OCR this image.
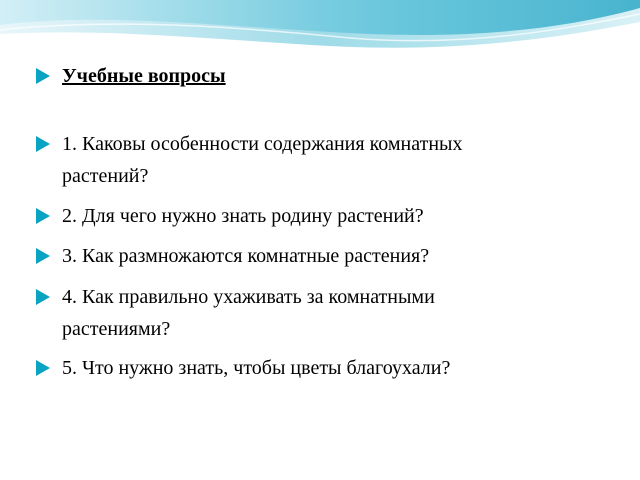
Учебные вопросы
1. Каковы особенности содержания комнатных
растений?
2. Для чего нужно знать родину растений?
3. Как размножаются комнатные растения?
4. Как правильно ухаживать за комнатными
растениями?
5. Что нужно знать, чтобы цветы благоухали?
